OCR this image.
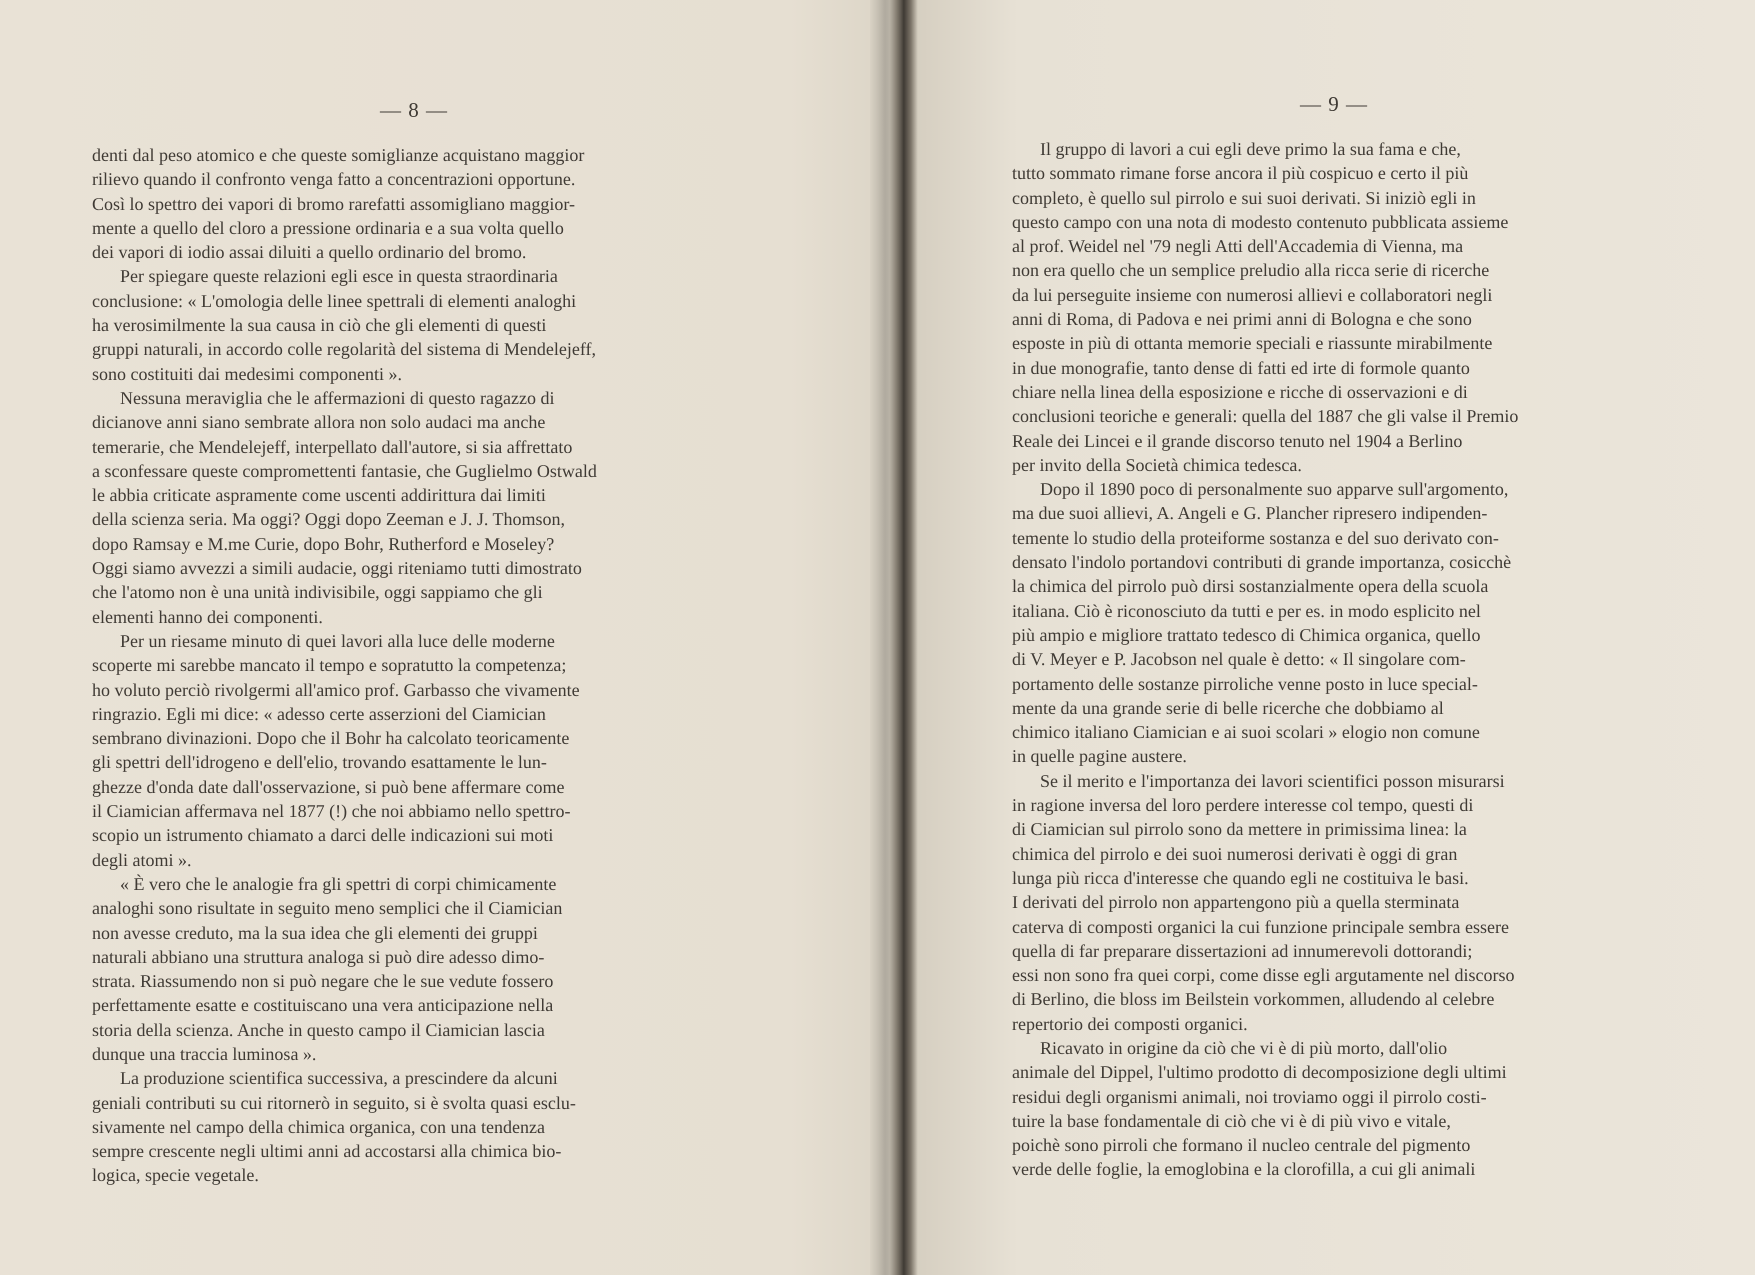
— 8 —
denti dal peso atomico e che queste somiglianze acquistano maggior
rilievo quando il confronto venga fatto a concentrazioni opportune.
Così lo spettro dei vapori di bromo rarefatti assomigliano maggior-
mente a quello del cloro a pressione ordinaria e a sua volta quello
dei vapori di iodio assai diluiti a quello ordinario del bromo.
Per spiegare queste relazioni egli esce in questa straordinaria
conclusione: « L'omologia delle linee spettrali di elementi analoghi
ha verosimilmente la sua causa in ciò che gli elementi di questi
gruppi naturali, in accordo colle regolarità del sistema di Mendelejeff,
sono costituiti dai medesimi componenti ».
Nessuna meraviglia che le affermazioni di questo ragazzo di
dicianove anni siano sembrate allora non solo audaci ma anche
temerarie, che Mendelejeff, interpellato dall'autore, si sia affrettato
a sconfessare queste compromettenti fantasie, che Guglielmo Ostwald
le abbia criticate aspramente come uscenti addirittura dai limiti
della scienza seria. Ma oggi? Oggi dopo Zeeman e J. J. Thomson,
dopo Ramsay e M.me Curie, dopo Bohr, Rutherford e Moseley?
Oggi siamo avvezzi a simili audacie, oggi riteniamo tutti dimostrato
che l'atomo non è una unità indivisibile, oggi sappiamo che gli
elementi hanno dei componenti.
Per un riesame minuto di quei lavori alla luce delle moderne
scoperte mi sarebbe mancato il tempo e sopratutto la competenza;
ho voluto perciò rivolgermi all'amico prof. Garbasso che vivamente
ringrazio. Egli mi dice: « adesso certe asserzioni del Ciamician
sembrano divinazioni. Dopo che il Bohr ha calcolato teoricamente
gli spettri dell'idrogeno e dell'elio, trovando esattamente le lun-
ghezze d'onda date dall'osservazione, si può bene affermare come
il Ciamician affermava nel 1877 (!) che noi abbiamo nello spettro-
scopio un istrumento chiamato a darci delle indicazioni sui moti
degli atomi ».
« È vero che le analogie fra gli spettri di corpi chimicamente
analoghi sono risultate in seguito meno semplici che il Ciamician
non avesse creduto, ma la sua idea che gli elementi dei gruppi
naturali abbiano una struttura analoga si può dire adesso dimo-
strata. Riassumendo non si può negare che le sue vedute fossero
perfettamente esatte e costituiscano una vera anticipazione nella
storia della scienza. Anche in questo campo il Ciamician lascia
dunque una traccia luminosa ».
La produzione scientifica successiva, a prescindere da alcuni
geniali contributi su cui ritornerò in seguito, si è svolta quasi esclu-
sivamente nel campo della chimica organica, con una tendenza
sempre crescente negli ultimi anni ad accostarsi alla chimica bio-
logica, specie vegetale.
— 9 —
Il gruppo di lavori a cui egli deve primo la sua fama e che,
tutto sommato rimane forse ancora il più cospicuo e certo il più
completo, è quello sul pirrolo e sui suoi derivati. Si iniziò egli in
questo campo con una nota di modesto contenuto pubblicata assieme
al prof. Weidel nel '79 negli Atti dell'Accademia di Vienna, ma
non era quello che un semplice preludio alla ricca serie di ricerche
da lui perseguite insieme con numerosi allievi e collaboratori negli
anni di Roma, di Padova e nei primi anni di Bologna e che sono
esposte in più di ottanta memorie speciali e riassunte mirabilmente
in due monografie, tanto dense di fatti ed irte di formole quanto
chiare nella linea della esposizione e ricche di osservazioni e di
conclusioni teoriche e generali: quella del 1887 che gli valse il Premio
Reale dei Lincei e il grande discorso tenuto nel 1904 a Berlino
per invito della Società chimica tedesca.
Dopo il 1890 poco di personalmente suo apparve sull'argomento,
ma due suoi allievi, A. Angeli e G. Plancher ripresero indipenden-
temente lo studio della proteiforme sostanza e del suo derivato con-
densato l'indolo portandovi contributi di grande importanza, cosicchè
la chimica del pirrolo può dirsi sostanzialmente opera della scuola
italiana. Ciò è riconosciuto da tutti e per es. in modo esplicito nel
più ampio e migliore trattato tedesco di Chimica organica, quello
di V. Meyer e P. Jacobson nel quale è detto: « Il singolare com-
portamento delle sostanze pirroliche venne posto in luce special-
mente da una grande serie di belle ricerche che dobbiamo al
chimico italiano Ciamician e ai suoi scolari » elogio non comune
in quelle pagine austere.
Se il merito e l'importanza dei lavori scientifici posson misurarsi
in ragione inversa del loro perdere interesse col tempo, questi di
di Ciamician sul pirrolo sono da mettere in primissima linea: la
chimica del pirrolo e dei suoi numerosi derivati è oggi di gran
lunga più ricca d'interesse che quando egli ne costituiva le basi.
I derivati del pirrolo non appartengono più a quella sterminata
caterva di composti organici la cui funzione principale sembra essere
quella di far preparare dissertazioni ad innumerevoli dottorandi;
essi non sono fra quei corpi, come disse egli argutamente nel discorso
di Berlino, die bloss im Beilstein vorkommen, alludendo al celebre
repertorio dei composti organici.
Ricavato in origine da ciò che vi è di più morto, dall'olio
animale del Dippel, l'ultimo prodotto di decomposizione degli ultimi
residui degli organismi animali, noi troviamo oggi il pirrolo costi-
tuire la base fondamentale di ciò che vi è di più vivo e vitale,
poichè sono pirroli che formano il nucleo centrale del pigmento
verde delle foglie, la emoglobina e la clorofilla, a cui gli animali
